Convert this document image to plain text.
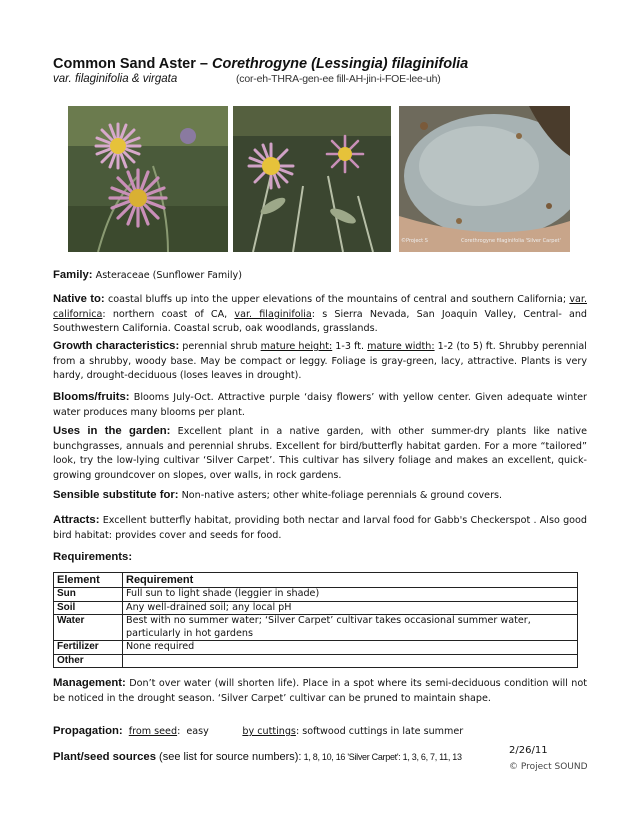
Common Sand Aster – Corethrogyne (Lessingia) filaginifolia
var. filaginifolia & virgata	(cor-eh-THRA-gen-ee fill-AH-jin-i-FOE-lee-uh)
©Project S	Corethrogyne filaginifolia 'Silver Carpet'
Family: Asteraceae (Sunflower Family)
Native to: coastal bluffs up into the upper elevations of the mountains of central and southern California; var. californica: northern coast of CA, var. filaginifolia: s Sierra Nevada, San Joaquin Valley, Central- and Southwestern California. Coastal scrub, oak woodlands, grasslands.
Growth characteristics: perennial shrub mature height: 1-3 ft. mature width: 1-2 (to 5) ft. Shrubby perennial from a shrubby, woody base. May be compact or leggy. Foliage is gray-green, lacy, attractive. Plants is very hardy, drought-deciduous (loses leaves in drought).
Blooms/fruits: Blooms July-Oct. Attractive purple ‘daisy flowers’ with yellow center. Given adequate winter water produces many blooms per plant.
Uses in the garden: Excellent plant in a native garden, with other summer-dry plants like native bunchgrasses, annuals and perennial shrubs. Excellent for bird/butterfly habitat garden. For a more “tailored” look, try the low-lying cultivar ‘Silver Carpet’. This cultivar has silvery foliage and makes an excellent, quick-growing groundcover on slopes, over walls, in rock gardens.
Sensible substitute for: Non-native asters; other white-foliage perennials & ground covers.
Attracts: Excellent butterfly habitat, providing both nectar and larval food for Gabb's Checkerspot . Also good bird habitat: provides cover and seeds for food.
Requirements:
Element	Requirement
Sun	Full sun to light shade (leggier in shade)
Soil	Any well-drained soil; any local pH
Water	Best with no summer water; ‘Silver Carpet’ cultivar takes occasional summer water, particularly in hot gardens
Fertilizer	None required
Other	
Management: Don’t over water (will shorten life). Place in a spot where its semi-deciduous condition will not be noticed in the drought season. ‘Silver Carpet’ cultivar can be pruned to maintain shape.
Propagation: from seed:  easy           by cuttings: softwood cuttings in late summer
Plant/seed sources (see list for source numbers): 1, 8, 10, 16 'Silver Carpet': 1, 3, 6, 7, 11, 13
2/26/11
© Project SOUND
